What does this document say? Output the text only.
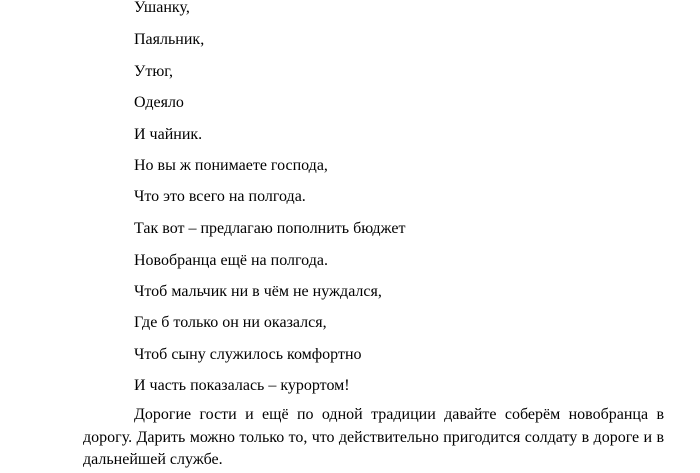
Ушанку,
Паяльник,
Утюг,
Одеяло
И чайник.
Но вы ж понимаете господа,
Что это всего на полгода.
Так вот – предлагаю пополнить бюджет
Новобранца ещё на полгода.
Чтоб мальчик ни в чём не нуждался,
Где б только он ни оказался,
Чтоб сыну служилось комфортно
И часть показалась – курортом!

Дорогие гости и ещё по одной традиции давайте соберём новобранца в дорогу. Дарить можно только то, что действительно пригодится солдату в дороге и в дальнейшей службе.
